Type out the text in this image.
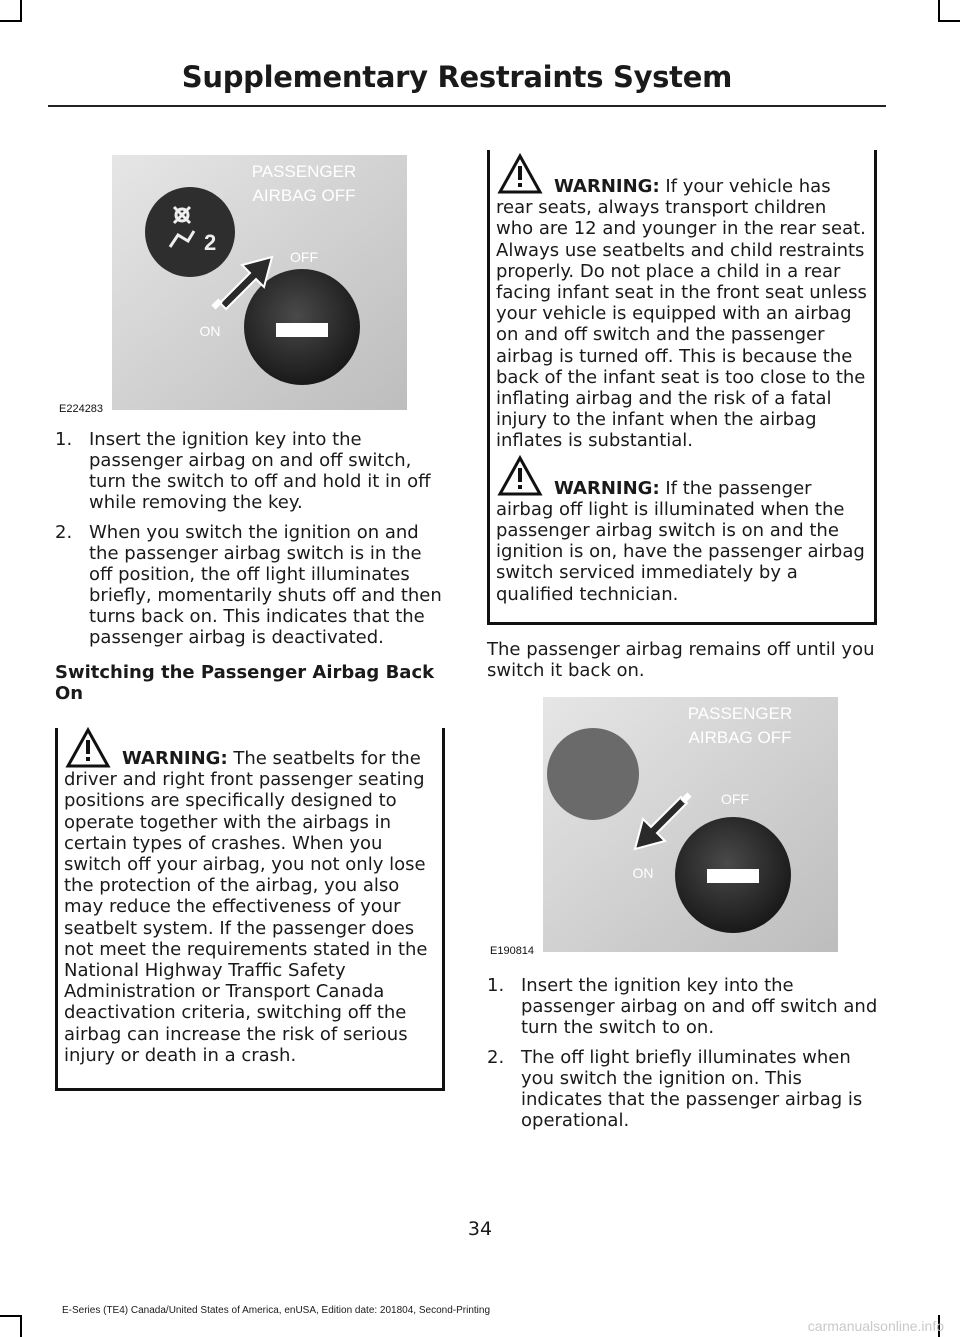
Supplementary Restraints System
PASSENGER
AIRBAG OFF
2
OFF
ON
E224283
1. Insert the ignition key into the passenger airbag on and off switch, turn the switch to off and hold it in off while removing the key.
2. When you switch the ignition on and the passenger airbag switch is in the off position, the off light illuminates briefly, momentarily shuts off and then turns back on. This indicates that the passenger airbag is deactivated.
Switching the Passenger Airbag Back
On

WARNING: The seatbelts for the driver and right front passenger seating positions are specifically designed to operate together with the airbags in certain types of crashes. When you switch off your airbag, you not only lose the protection of the airbag, you also may reduce the effectiveness of your seatbelt system. If the passenger does not meet the requirements stated in the National Highway Traffic Safety Administration or Transport Canada deactivation criteria, switching off the airbag can increase the risk of serious injury or death in a crash.

WARNING: If your vehicle has rear seats, always transport children who are 12 and younger in the rear seat. Always use seatbelts and child restraints properly. Do not place a child in a rear facing infant seat in the front seat unless your vehicle is equipped with an airbag on and off switch and the passenger airbag is turned off. This is because the back of the infant seat is too close to the inflating airbag and the risk of a fatal injury to the infant when the airbag inflates is substantial.

WARNING: If the passenger airbag off light is illuminated when the passenger airbag switch is on and the ignition is on, have the passenger airbag switch serviced immediately by a qualified technician.

The passenger airbag remains off until you switch it back on.
PASSENGER
AIRBAG OFF
OFF
ON
E190814
1. Insert the ignition key into the passenger airbag on and off switch and turn the switch to on.
2. The off light briefly illuminates when you switch the ignition on. This indicates that the passenger airbag is operational.
34
E-Series (TE4) Canada/United States of America, enUSA, Edition date: 201804, Second-Printing
carmanualsonline.info
